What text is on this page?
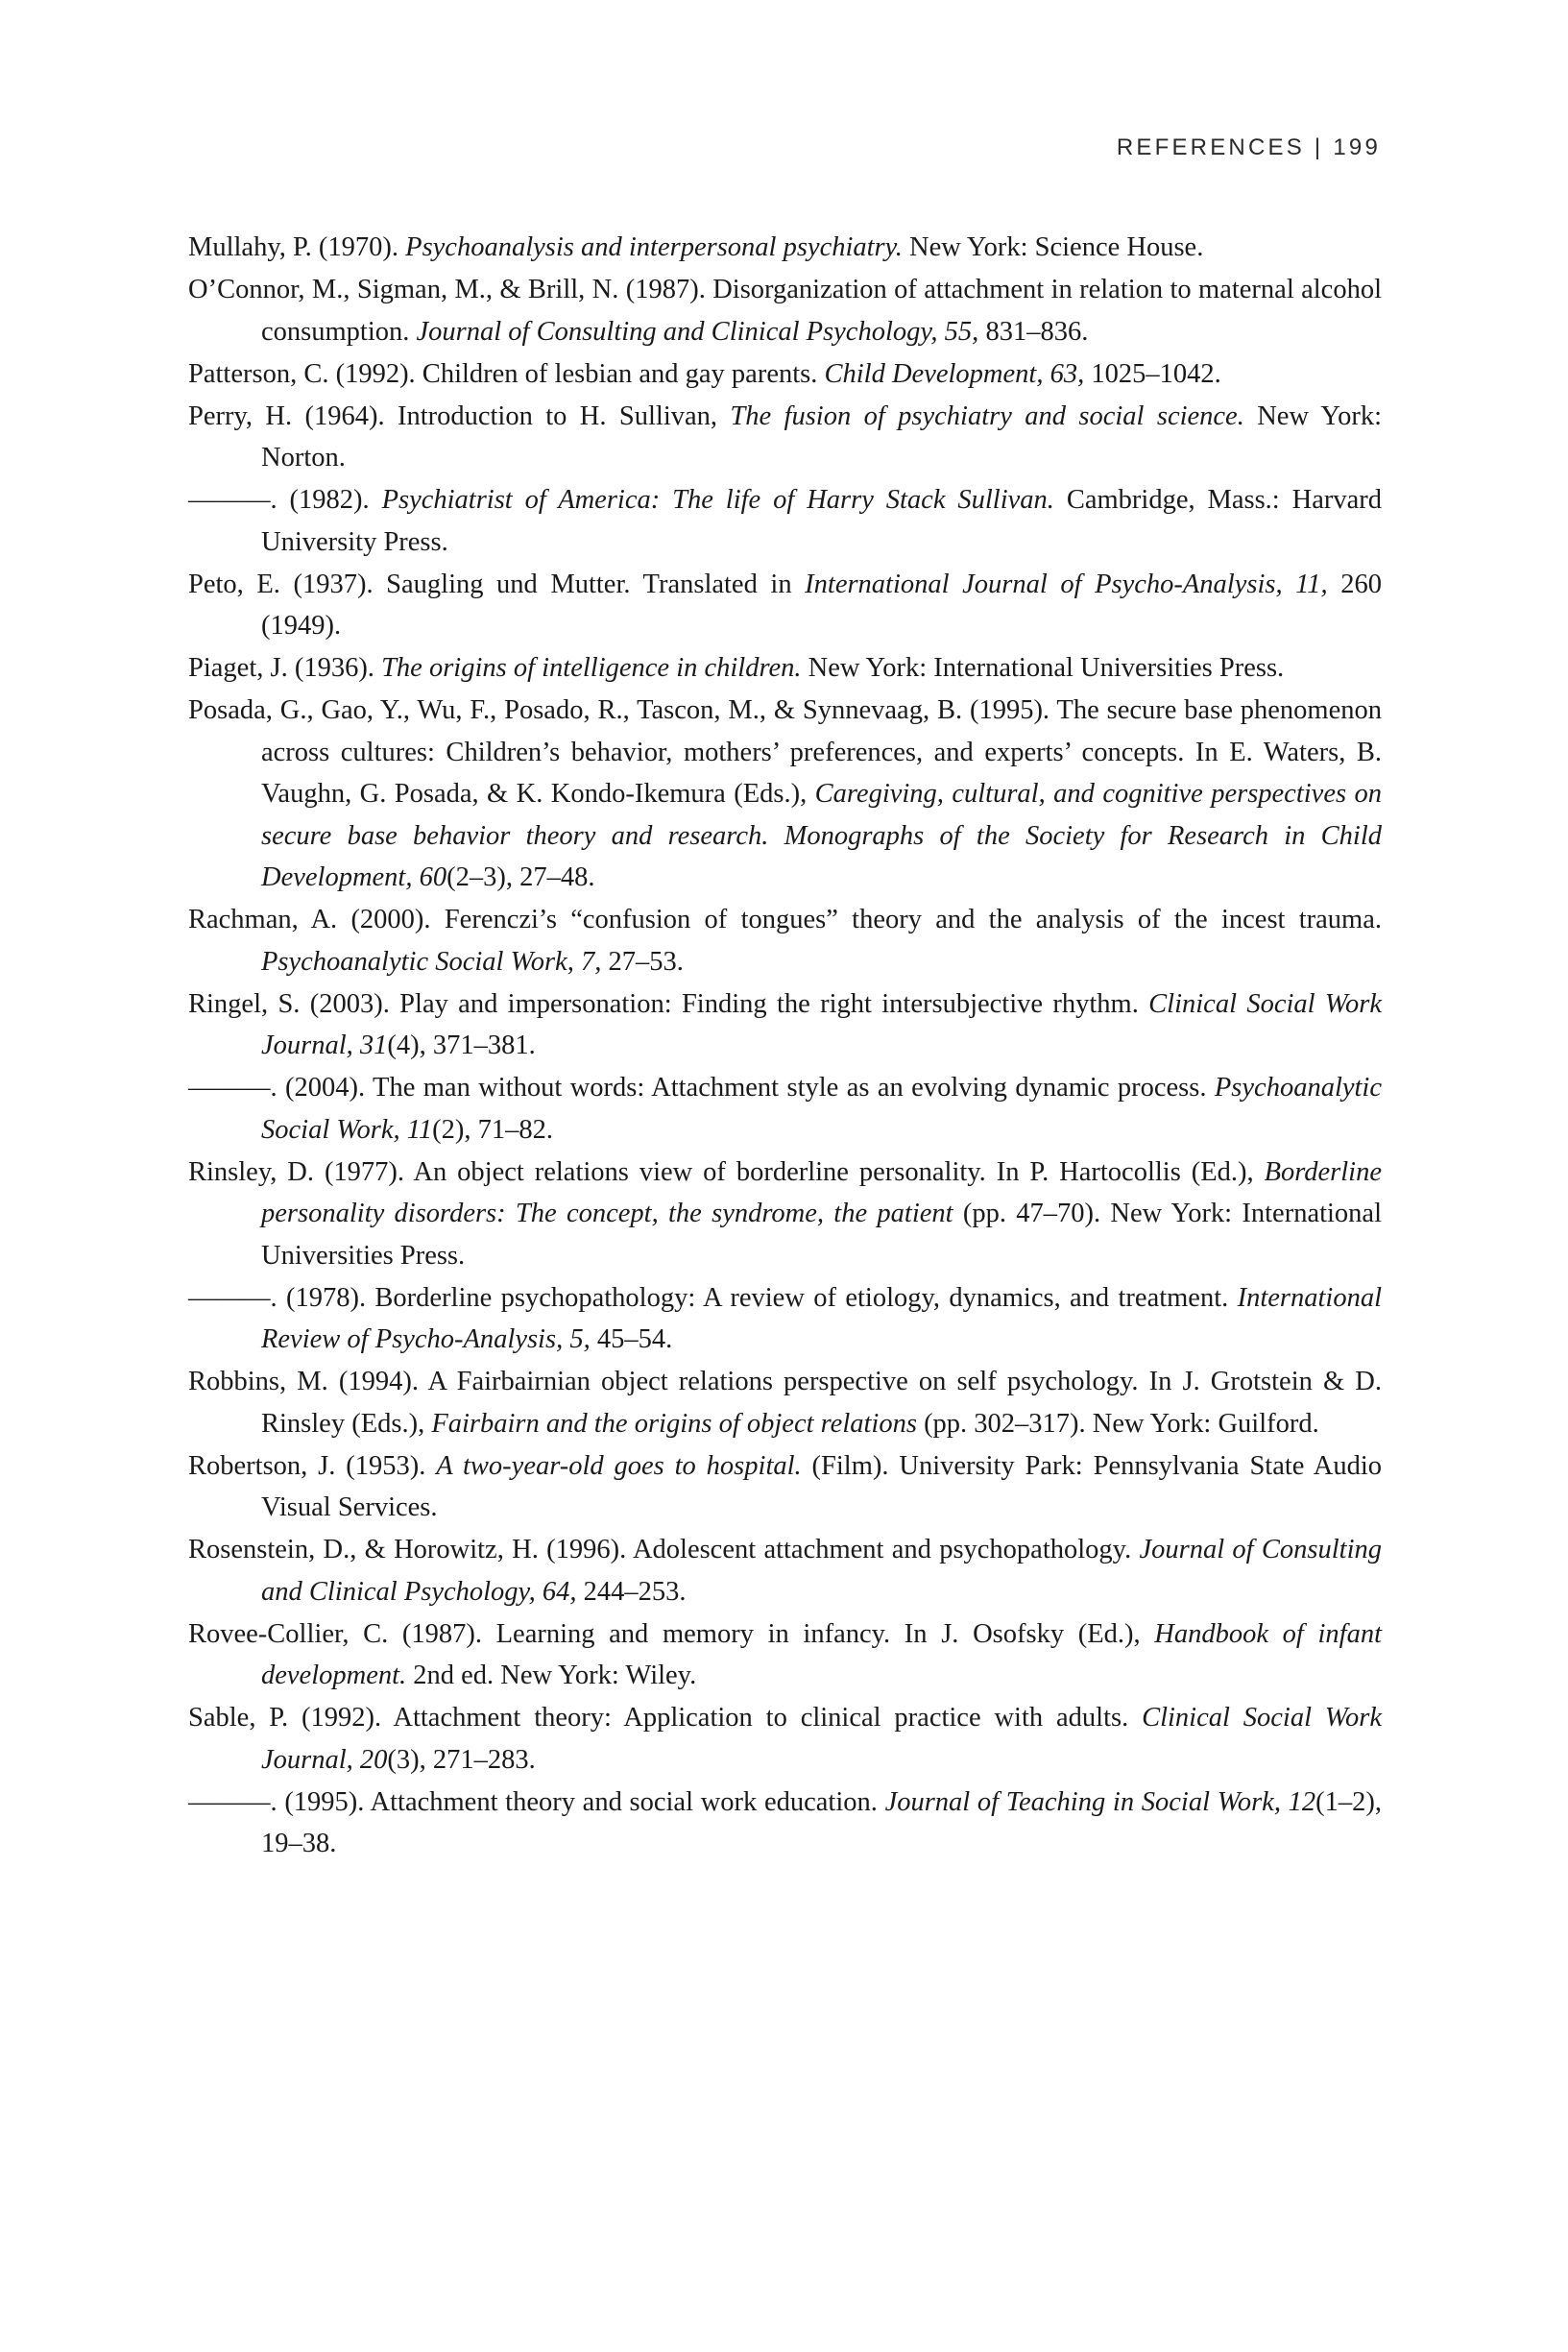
REFERENCES | 199

Mullahy, P. (1970). Psychoanalysis and interpersonal psychiatry. New York: Science House.

O’Connor, M., Sigman, M., & Brill, N. (1987). Disorganization of attachment in relation to maternal alcohol consumption. Journal of Consulting and Clinical Psychology, 55, 831–836.

Patterson, C. (1992). Children of lesbian and gay parents. Child Development, 63, 1025–1042.

Perry, H. (1964). Introduction to H. Sullivan, The fusion of psychiatry and social science. New York: Norton.

———. (1982). Psychiatrist of America: The life of Harry Stack Sullivan. Cambridge, Mass.: Harvard University Press.

Peto, E. (1937). Saugling und Mutter. Translated in International Journal of Psycho-Analysis, 11, 260 (1949).

Piaget, J. (1936). The origins of intelligence in children. New York: International Universities Press.

Posada, G., Gao, Y., Wu, F., Posado, R., Tascon, M., & Synnevaag, B. (1995). The secure base phenomenon across cultures: Children’s behavior, mothers’ preferences, and experts’ concepts. In E. Waters, B. Vaughn, G. Posada, & K. Kondo-Ikemura (Eds.), Caregiving, cultural, and cognitive perspectives on secure base behavior theory and research. Monographs of the Society for Research in Child Development, 60(2–3), 27–48.

Rachman, A. (2000). Ferenczi’s “confusion of tongues” theory and the analysis of the incest trauma. Psychoanalytic Social Work, 7, 27–53.

Ringel, S. (2003). Play and impersonation: Finding the right intersubjective rhythm. Clinical Social Work Journal, 31(4), 371–381.

———. (2004). The man without words: Attachment style as an evolving dynamic process. Psychoanalytic Social Work, 11(2), 71–82.

Rinsley, D. (1977). An object relations view of borderline personality. In P. Hartocollis (Ed.), Borderline personality disorders: The concept, the syndrome, the patient (pp. 47–70). New York: International Universities Press.

———. (1978). Borderline psychopathology: A review of etiology, dynamics, and treatment. International Review of Psycho-Analysis, 5, 45–54.

Robbins, M. (1994). A Fairbairnian object relations perspective on self psychology. In J. Grotstein & D. Rinsley (Eds.), Fairbairn and the origins of object relations (pp. 302–317). New York: Guilford.

Robertson, J. (1953). A two-year-old goes to hospital. (Film). University Park: Pennsylvania State Audio Visual Services.

Rosenstein, D., & Horowitz, H. (1996). Adolescent attachment and psychopathology. Journal of Consulting and Clinical Psychology, 64, 244–253.

Rovee-Collier, C. (1987). Learning and memory in infancy. In J. Osofsky (Ed.), Handbook of infant development. 2nd ed. New York: Wiley.

Sable, P. (1992). Attachment theory: Application to clinical practice with adults. Clinical Social Work Journal, 20(3), 271–283.

———. (1995). Attachment theory and social work education. Journal of Teaching in Social Work, 12(1–2), 19–38.
